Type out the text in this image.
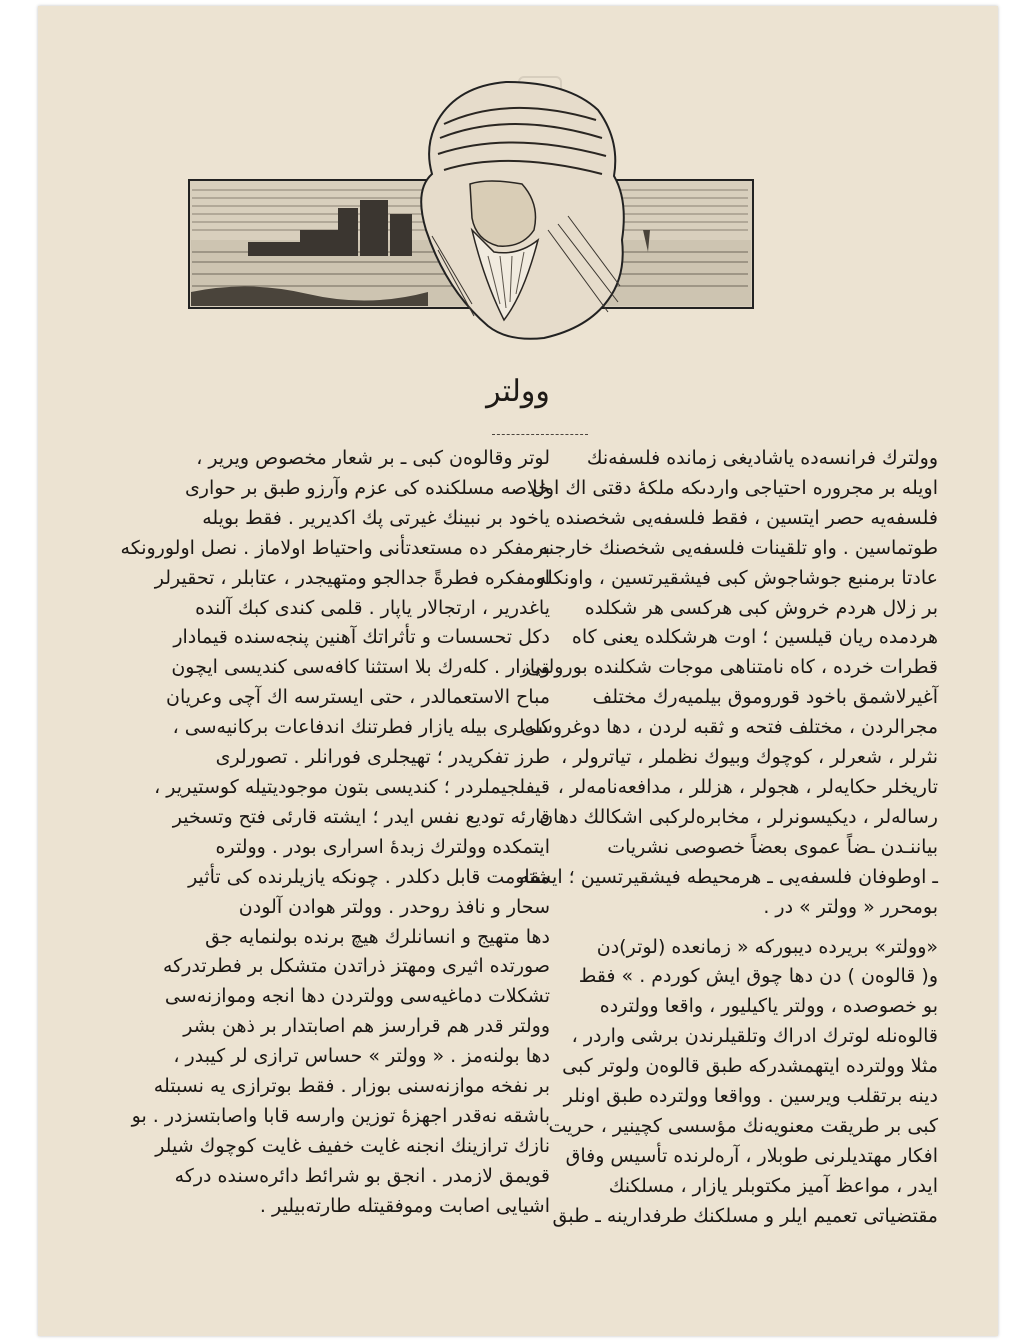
وولتر
وولترك فرانسەده ياشاديغى زمانده فلسفەنك
اويله بر مجرورە احتياجى واردىكه ملكۀ دقتى اك اول
فلسفەيه حصر ايتسين ، فقط فلسفەيى شخصنده
طوتماسين . واو تلقينات فلسفەيى شخصنك خارجنه
عادتا برمنبع جوشاجوش كبى فيشقيرتسين ، واونكله
بر زلال هردم خروش كبى هركسى هر شكلده
هردمده ريان قيلسين ؛ اوت هرشكلده يعنى كاه
قطرات خرده ، كاه نامتناهى موجات شكلنده بورولتى،
آغيرلاشمق باخود قوروموق بيلميەرك مختلف
مجرالردن ، مختلف فتحه و ثقبه لردن ، دها دوغروسى
نثرلر ، شعرلر ، كوچوك وبيوك نظملر ، تياترولر ،
تاريخلر حكايەلر ، هجولر ، هزللر ، مدافعەنامەلر ،
رسالەلر ، ديكيسونرلر ، مخابرەلركبى اشكالك دهان
بياننـدن ـضاً عموى بعضاً خصوصى نشريات
ـ اوطوفان فلسفەيى ـ هرمحيطه فيشقيرتسين ؛ ايشته
بومحرر « وولتر » در .
«وولتر» بريرده ديبوركه « زمانعده (لوتر)دن
و( قالوەن ) دن دها چوق ايش كوردم . » فقط
بو خصوصده ، وولتر ياكيليور ، واقعا وولترده
قالوەنله لوترك ادراك وتلقيلرندن برشى واردر ،
مثلا وولترده ايتهمشدركه طبق قالوەن ولوتر كبى
دينه برتقلب ويرسين . وواقعا وولترده طبق اونلر
كبى بر طريقت معنويەنك مؤسسى كچينير ، حريت
افكار مهتديلرنى طوبلار ، آرەلرنده تأسيس وفاق
ايدر ، مواعظ آميز مكتوبلر يازار ، مسلكنك
مقتضياتى تعميم ايلر و مسلكنك طرفدارينه ـ طبق
لوتر وقالوەن كبى ـ بر شعار مخصوص ويرير ،
خلاصه مسلكنده كى عزم وآرزو طبق بر حوارى
ياخود بر نبينك غيرتى پك اكديرير . فقط بويله
برمفكر دە مستعدتأنى واحتياط اولاماز . نصل اولورونكه
اومفكره فطرةً جدالجو ومتهيجدر ، عتابلر ، تحقيرلر
ياغدرير ، ارتجالار ياپار . قلمى كندى كبك آلنده
دكل تحسسات و تأثراتك آهنين پنجەسنده قيمادار
ويازار . كلەرك بلا استثنا كافەسى كنديسى ايچون
مباح الاستعمالدر ، حتى ايسترسه اك آچى وعريان
كلەلرى بيله يازار فطرتنك اندفاعات بركانيەسى ،
طرز تفكريدر ؛ تهيجلرى فورانلر . تصورلرى
قيفلجيملردر ؛ كنديسى بتون موجوديتيله كوستيرير ،
قارئه توديع نفس ايدر ؛ ايشته قارئى فتح وتسخير
ايتمكده وولترك زبدهٔ اسرارى بودر . وولتره
مقاومت قابل دكلدر . چونكه يازيلرنده كى تأثير
سحار و نافذ روحدر . وولتر هوادن آلودن
دها متهيج و انسانلرك هيچ برنده بولنمايه جق
صورتده اثيرى ومهتز ذراتدن متشكل بر فطرتدركه
تشكلات دماغيەسى وولتردن دها انجه وموازنەسى
وولتر قدر هم قرارسز هم اصابتدار بر ذهن بشر
دها بولنەمز . « وولتر » حساس ترازى لر كيبدر ،
بر نفخه موازنەسنى بوزار . فقط بوترازى يه نسبتله
باشقه نەقدر اجهزهٔ توزين وارسه قابا واصابتسزدر . بو
نازك ترازينك انجنه غايت خفيف غايت كوچوك شيلر
قويمق لازمدر . انجق بو شرائط دائرەسنده دركه
اشيايى اصابت وموفقيتله طارتەبيلير .
